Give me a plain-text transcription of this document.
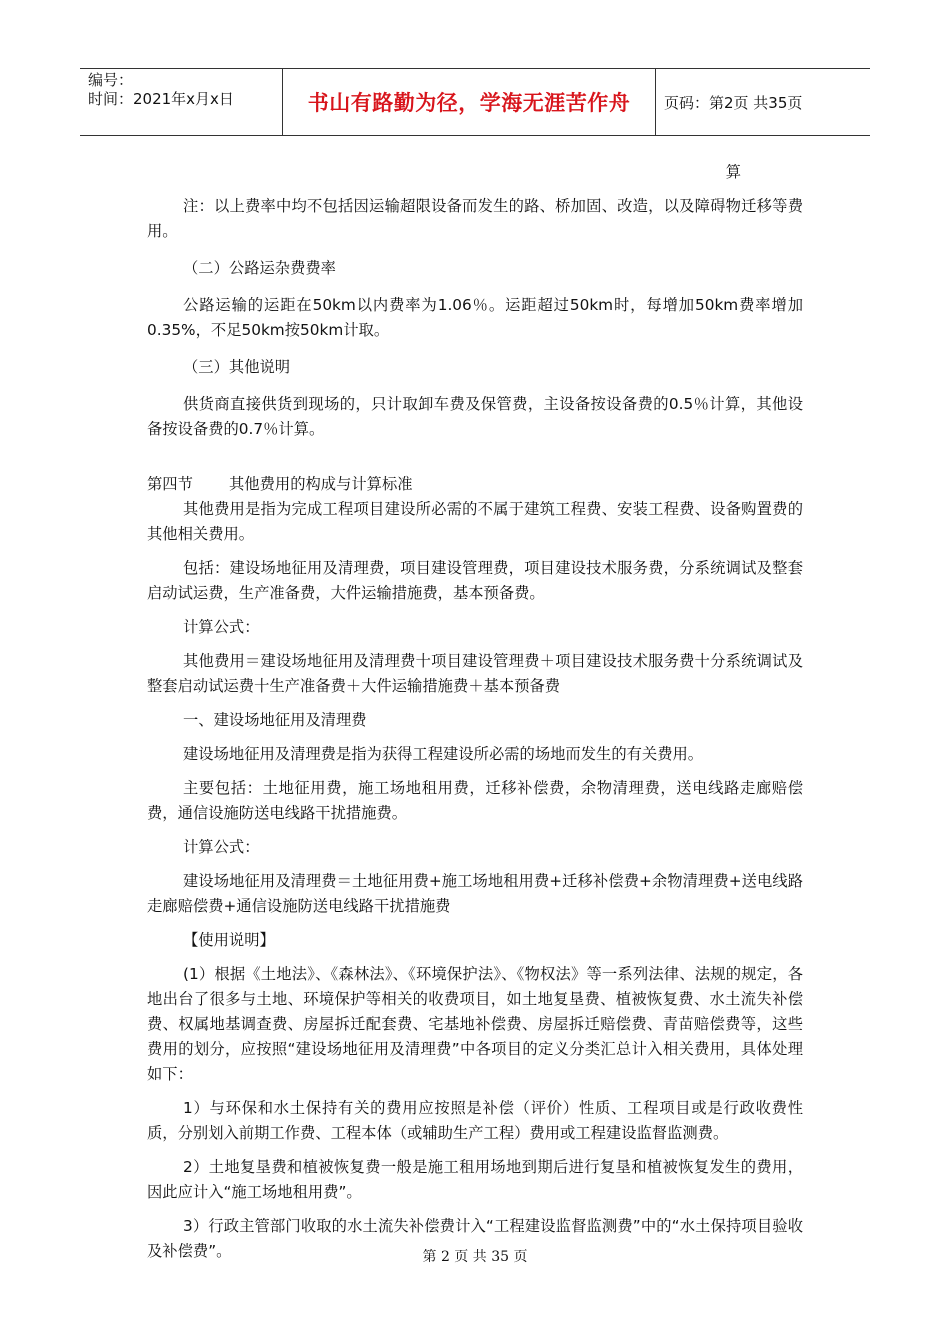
编号：
时间：2021年x月x日	书山有路勤为径，学海无涯苦作舟 页码：第2页 共35页

算

注：以上费率中均不包括因运输超限设备而发生的路、桥加固、改造，以及障碍物迁移等费用。

（二）公路运杂费费率

公路运输的运距在50km以内费率为1.06％。运距超过50km时，每增加50km费率增加0.35%，不足50km按50km计取。

（三）其他说明

供货商直接供货到现场的，只计取卸车费及保管费，主设备按设备费的0.5％计算，其他设备按设备费的0.7％计算。

第四节 其他费用的构成与计算标准

其他费用是指为完成工程项目建设所必需的不属于建筑工程费、安装工程费、设备购置费的其他相关费用。

包括：建设场地征用及清理费，项目建设管理费，项目建设技术服务费，分系统调试及整套启动试运费，生产准备费，大件运输措施费，基本预备费。

计算公式：

其他费用＝建设场地征用及清理费十项目建设管理费＋项目建设技术服务费十分系统调试及整套启动试运费十生产准备费＋大件运输措施费＋基本预备费

一、建设场地征用及清理费

建设场地征用及清理费是指为获得工程建设所必需的场地而发生的有关费用。

主要包括：土地征用费，施工场地租用费，迁移补偿费，余物清理费，送电线路走廊赔偿费，通信设施防送电线路干扰措施费。

计算公式：

建设场地征用及清理费＝土地征用费+施工场地租用费+迁移补偿费+余物清理费+送电线路走廊赔偿费+通信设施防送电线路干扰措施费

【使用说明】

(1）根据《土地法》、《森林法》、《环境保护法》、《物权法》等一系列法律、法规的规定，各地出台了很多与土地、环境保护等相关的收费项目，如土地复垦费、植被恢复费、水土流失补偿费、权属地基调查费、房屋拆迁配套费、宅基地补偿费、房屋拆迁赔偿费、青苗赔偿费等，这些费用的划分，应按照“建设场地征用及清理费”中各项目的定义分类汇总计入相关费用，具体处理如下：

1）与环保和水土保持有关的费用应按照是补偿（评价）性质、工程项目或是行政收费性质，分别划入前期工作费、工程本体（或辅助生产工程）费用或工程建设监督监测费。

2）土地复垦费和植被恢复费一般是施工租用场地到期后进行复垦和植被恢复发生的费用，因此应计入“施工场地租用费”。

3）行政主管部门收取的水土流失补偿费计入“工程建设监督监测费”中的“水土保持项目验收及补偿费”。	第 2 页 共 35 页
